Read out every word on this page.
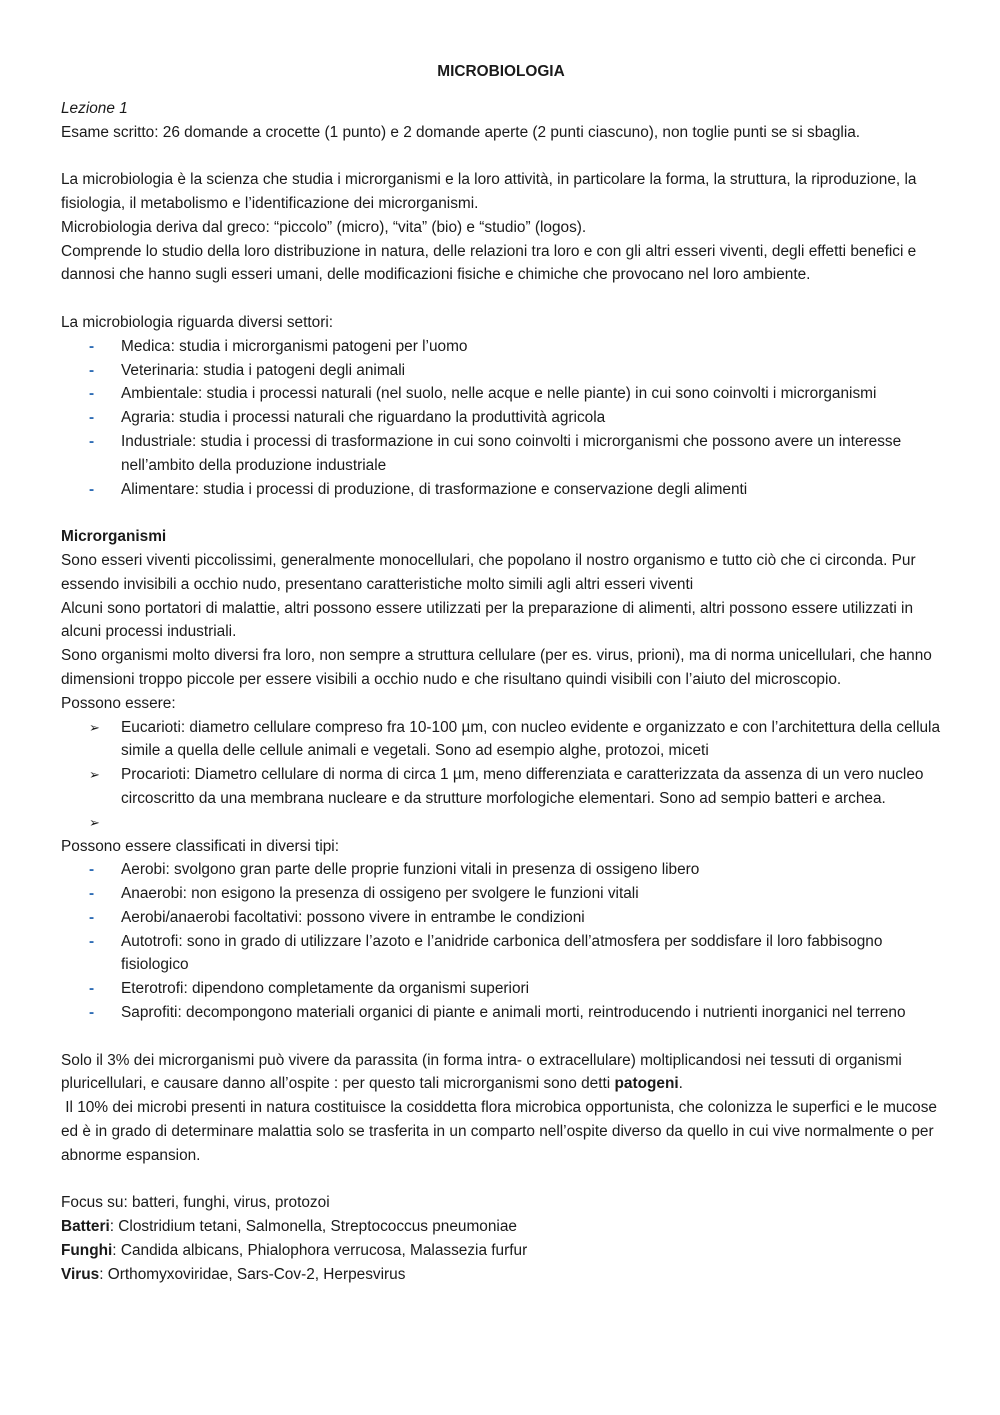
MICROBIOLOGIA

Lezione 1

Esame scritto: 26 domande a crocette (1 punto) e 2 domande aperte (2 punti ciascuno), non toglie punti se si sbaglia.

La microbiologia è la scienza che studia i microrganismi e la loro attività, in particolare la forma, la struttura, la riproduzione, la fisiologia, il metabolismo e l’identificazione dei microrganismi.

Microbiologia deriva dal greco: “piccolo” (micro), “vita” (bio) e “studio” (logos).

Comprende lo studio della loro distribuzione in natura, delle relazioni tra loro e con gli altri esseri viventi, degli effetti benefici e dannosi che hanno sugli esseri umani, delle modificazioni fisiche e chimiche che provocano nel loro ambiente.

La microbiologia riguarda diversi settori:

-	Medica: studia i microrganismi patogeni per l’uomo
-	Veterinaria: studia i patogeni degli animali
-	Ambientale: studia i processi naturali (nel suolo, nelle acque e nelle piante) in cui sono coinvolti i microrganismi
-	Agraria: studia i processi naturali che riguardano la produttività agricola
-	Industriale: studia i processi di trasformazione in cui sono coinvolti i microrganismi che possono avere un interesse nell’ambito della produzione industriale
-	Alimentare: studia i processi di produzione, di trasformazione e conservazione degli alimenti

Microrganismi

Sono esseri viventi piccolissimi, generalmente monocellulari, che popolano il nostro organismo e tutto ciò che ci circonda. Pur essendo invisibili a occhio nudo, presentano caratteristiche molto simili agli altri esseri viventi

Alcuni sono portatori di malattie, altri possono essere utilizzati per la preparazione di alimenti, altri possono essere utilizzati in alcuni processi industriali.

Sono organismi molto diversi fra loro, non sempre a struttura cellulare (per es. virus, prioni), ma di norma unicellulari, che hanno dimensioni troppo piccole per essere visibili a occhio nudo e che risultano quindi visibili con l’aiuto del microscopio.

Possono essere:

➢	Eucarioti: diametro cellulare compreso fra 10-100 µm, con nucleo evidente e organizzato e con l’architettura della cellula simile a quella delle cellule animali e vegetali. Sono ad esempio alghe, protozoi, miceti
➢	Procarioti: Diametro cellulare di norma di circa 1 µm, meno differenziata e caratterizzata da assenza di un vero nucleo circoscritto da una membrana nucleare e da strutture morfologiche elementari. Sono ad sempio batteri e archea.
➢

Possono essere classificati in diversi tipi:

-	Aerobi: svolgono gran parte delle proprie funzioni vitali in presenza di ossigeno libero
-	Anaerobi: non esigono la presenza di ossigeno per svolgere le funzioni vitali
-	Aerobi/anaerobi facoltativi: possono vivere in entrambe le condizioni
-	Autotrofi: sono in grado di utilizzare l’azoto e l’anidride carbonica dell’atmosfera per soddisfare il loro fabbisogno fisiologico
-	Eterotrofi: dipendono completamente da organismi superiori
-	Saprofiti: decompongono materiali organici di piante e animali morti, reintroducendo i nutrienti inorganici nel terreno

Solo il 3% dei microrganismi può vivere da parassita (in forma intra- o extracellulare) moltiplicandosi nei tessuti di organismi pluricellulari, e causare danno all’ospite : per questo tali microrganismi sono detti patogeni.

Il 10% dei microbi presenti in natura costituisce la cosiddetta flora microbica opportunista, che colonizza le superfici e le mucose ed è in grado di determinare malattia solo se trasferita in un comparto nell’ospite diverso da quello in cui vive normalmente o per abnorme espansion.

Focus su: batteri, funghi, virus, protozoi

Batteri: Clostridium tetani, Salmonella, Streptococcus pneumoniae

Funghi: Candida albicans, Phialophora verrucosa, Malassezia furfur

Virus: Orthomyxoviridae, Sars-Cov-2, Herpesvirus
